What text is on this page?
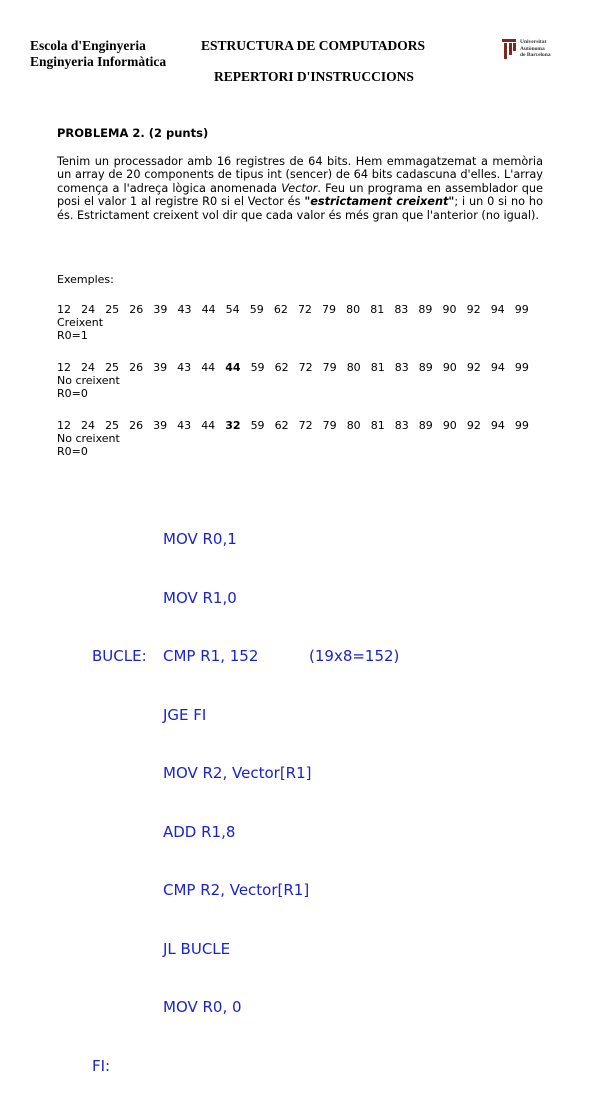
Escola d'Enginyeria
Enginyeria Informàtica
ESTRUCTURA DE COMPUTADORS
REPERTORI D'INSTRUCCIONS
Universitat
Autònoma
de Barcelona
PROBLEMA 2. (2 punts)
Tenim un processador amb 16 registres de 64 bits. Hem emmagatzemat a memòria un array de 20 components de tipus int (sencer) de 64 bits cadascuna d'elles. L'array comença a l'adreça lògica anomenada Vector. Feu un programa en assemblador que posi el valor 1 al registre R0 si el Vector és "estrictament creixent"; i un 0 si no ho és. Estrictament creixent vol dir que cada valor és més gran que l'anterior (no igual).
Exemples:
12 24 25 26 39 43 44 54 59 62 72 79 80 81 83 89 90 92 94 99
Creixent
R0=1
12 24 25 26 39 43 44 44 59 62 72 79 80 81 83 89 90 92 94 99
No creixent
R0=0
12 24 25 26 39 43 44 32 59 62 72 79 80 81 83 89 90 92 94 99
No creixent
R0=0

MOV R0,1

MOV R1,0

BUCLE: CMP R1, 152	(19x8=152)

JGE FI

MOV R2, Vector[R1]

ADD R1,8

CMP R2, Vector[R1]

JL BUCLE

MOV R0, 0

FI:
